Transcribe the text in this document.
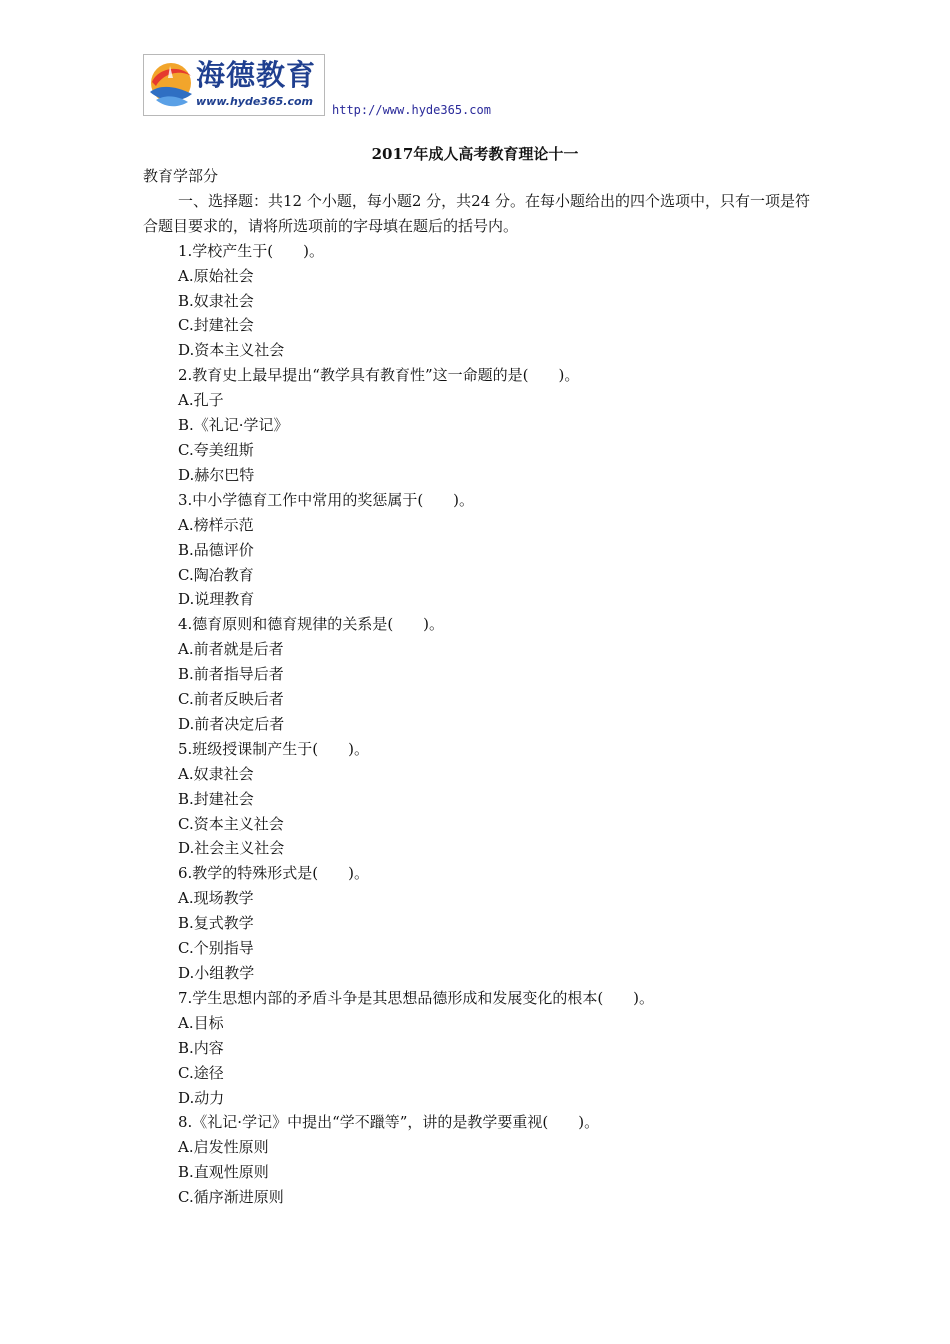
海德教育
www.hyde365.com
http://www.hyde365.com
2017年成人高考教育理论十一

教育学部分

一、选择题：共12 个小题，每小题2 分，共24 分。在每小题给出的四个选项中，只有一项是符合题目要求的，请将所选项前的字母填在题后的括号内。

1.学校产生于(　　)。

A.原始社会

B.奴隶社会

C.封建社会

D.资本主义社会

2.教育史上最早提出“教学具有教育性”这一命题的是(　　)。

A.孔子

B.《礼记·学记》

C.夸美纽斯

D.赫尔巴特

3.中小学德育工作中常用的奖惩属于(　　)。

A.榜样示范

B.品德评价

C.陶冶教育

D.说理教育

4.德育原则和德育规律的关系是(　　)。

A.前者就是后者

B.前者指导后者

C.前者反映后者

D.前者决定后者

5.班级授课制产生于(　　)。

A.奴隶社会

B.封建社会

C.资本主义社会

D.社会主义社会

6.教学的特殊形式是(　　)。

A.现场教学

B.复式教学

C.个别指导

D.小组教学

7.学生思想内部的矛盾斗争是其思想品德形成和发展变化的根本(　　)。

A.目标

B.内容

C.途径

D.动力

8.《礼记·学记》中提出“学不躐等”，讲的是教学要重视(　　)。

A.启发性原则

B.直观性原则

C.循序渐进原则
